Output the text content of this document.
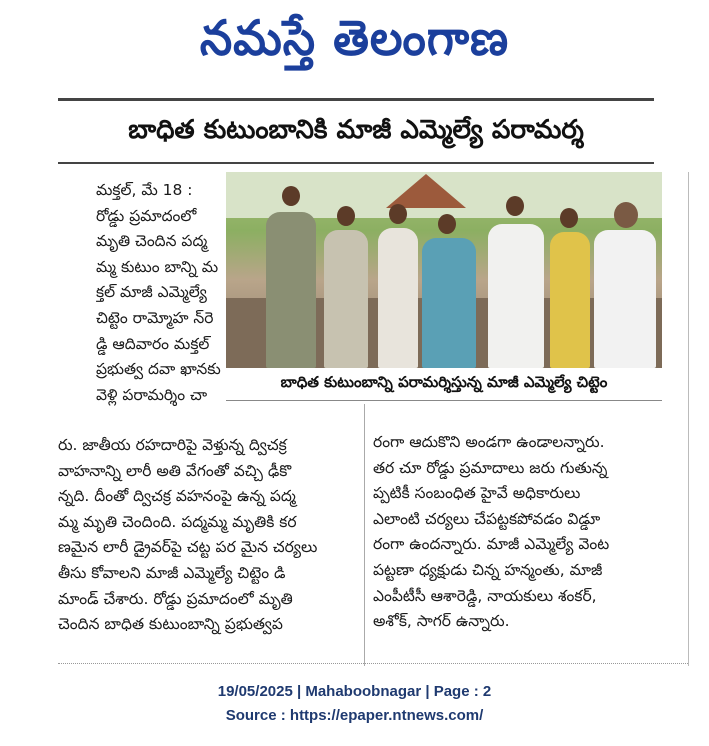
నమస్తే తెలంగాణ
బాధిత కుటుంబానికి మాజీ ఎమ్మెల్యే పరామర్శ
బాధిత కుటుంబాన్ని పరామర్శిస్తున్న మాజీ ఎమ్మెల్యే చిట్టెం

మక్తల్, మే 18 :

రోడ్డు ప్రమాదంలో

మృతి చెందిన పద్మ

మ్మ కుటుం బాన్ని మ

క్తల్ మాజీ ఎమ్మెల్యే

చిట్టెం రామ్మోహ న్‌రె

డ్డి ఆదివారం మక్తల్

ప్రభుత్వ దవా ఖానకు

వెళ్లి పరామర్శిం చా

రు. జాతీయ రహదారిపై వెళ్తున్న ద్విచక్ర

వాహనాన్ని లారీ అతి వేగంతో వచ్చి ఢీకొ

న్నది. దీంతో ద్విచక్ర వహనంపై ఉన్న పద్మ

మ్మ మృతి చెందింది. పద్మమ్మ మృతికి కర

ణమైన లారీ డ్రైవర్‌పై చట్ట పర మైన చర్యలు

తీసు కోవాలని మాజీ ఎమ్మెల్యే చిట్టెం డి

మాండ్ చేశారు. రోడ్డు ప్రమాదంలో మృతి

చెందిన బాధిత కుటుంబాన్ని ప్రభుత్వప

రంగా ఆదుకొని అండగా ఉండాలన్నారు.

తర చూ రోడ్డు ప్రమాదాలు జరు గుతున్న

ప్పటికీ సంబంధిత హైవే అధికారులు

ఎలాంటి చర్యలు చేపట్టకపోవడం విడ్డూ

రంగా ఉందన్నారు. మాజీ ఎమ్మెల్యే వెంట

పట్టణా ధ్యక్షుడు చిన్న హన్మంతు, మాజీ

ఎంపీటీసీ ఆశారెడ్డి, నాయకులు శంకర్,

అశోక్, సాగర్ ఉన్నారు.

19/05/2025 | Mahaboobnagar | Page : 2
Source : https://epaper.ntnews.com/
